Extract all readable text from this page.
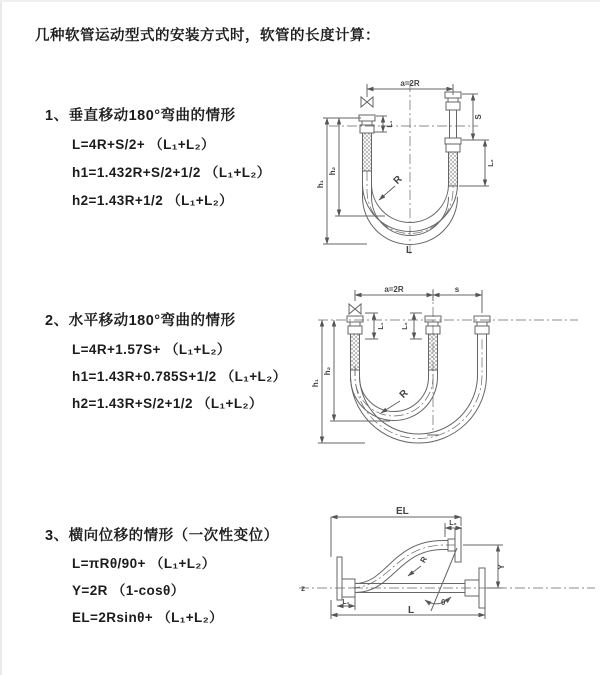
几种软管运动型式的安装方式时，软管的长度计算：
1、垂直移动180°弯曲的情形
L=4R+S/2+ （L₁+L₂）
h1=1.432R+S/2+1/2 （L₁+L₂）
h2=1.43R+1/2 （L₁+L₂）
a=2R
h₁
h₂
L₁
S
L₂
R
L
2、水平移动180°弯曲的情形
L=4R+1.57S+ （L₁+L₂）
h1=1.43R+0.785S+1/2 （L₁+L₂）
h2=1.43R+S/2+1/2 （L₁+L₂）
a=2R	s
h₁
h₂
L₁ L₂
R
3、横向位移的情形（一次性变位）
L=πRθ/90+ （L₁+L₂）
Y=2R （1-cosθ）
EL=2Rsinθ+ （L₁+L₂）
EL
L₂
Y
L
L₁
R
θ
z
